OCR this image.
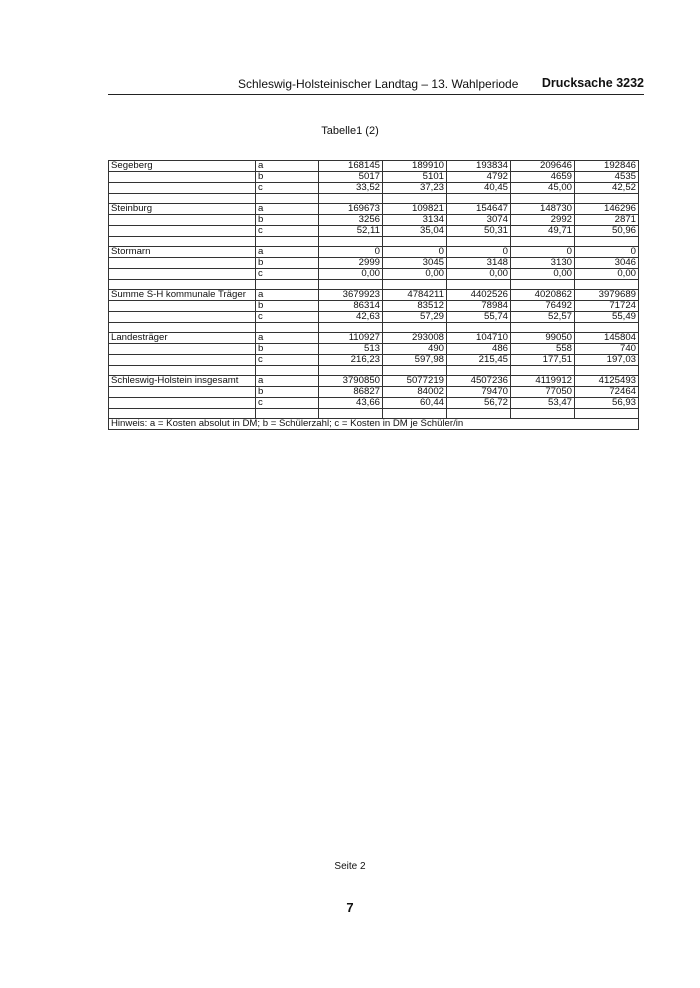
Schleswig-Holsteinischer Landtag – 13. Wahlperiode Drucksache 3232
Tabelle1 (2)
Segeberg	a	168145	189910	193834	209646	192846
	b	5017	5101	4792	4659	4535
	c	33,52	37,23	40,45	45,00	42,52

Steinburg	a	169673	109821	154647	148730	146296
	b	3256	3134	3074	2992	2871
	c	52,11	35,04	50,31	49,71	50,96

Stormarn	a	0	0	0	0	0
	b	2999	3045	3148	3130	3046
	c	0,00	0,00	0,00	0,00	0,00

Summe S-H kommunale Träger	a	3679923	4784211	4402526	4020862	3979689
	b	86314	83512	78984	76492	71724
	c	42,63	57,29	55,74	52,57	55,49

Landesträger	a	110927	293008	104710	99050	145804
	b	513	490	486	558	740
	c	216,23	597,98	215,45	177,51	197,03

Schleswig-Holstein insgesamt	a	3790850	5077219	4507236	4119912	4125493
	b	86827	84002	79470	77050	72464
	c	43,66	60,44	56,72	53,47	56,93

Hinweis: a = Kosten absolut in DM; b = Schülerzahl; c = Kosten in DM je Schüler/in						
Seite 2
7
